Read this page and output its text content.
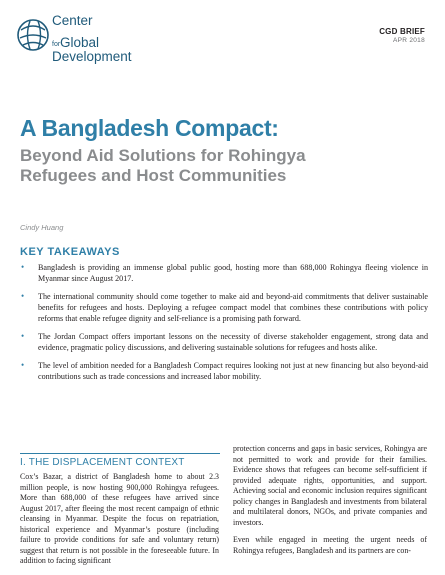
Center
for Global
Development
CGD BRIEF
APR 2018
A Bangladesh Compact:
Beyond Aid Solutions for Rohingya Refugees and Host Communities
Cindy Huang
KEY TAKEAWAYS
• Bangladesh is providing an immense global public good, hosting more than 688,000 Rohingya fleeing violence in Myanmar since August 2017.
• The international community should come together to make aid and beyond-aid commitments that deliver sustainable benefits for refugees and hosts. Deploying a refugee compact model that combines these contributions with policy reforms that enable refugee dignity and self-reliance is a promising path forward.
• The Jordan Compact offers important lessons on the necessity of diverse stakeholder engagement, strong data and evidence, pragmatic policy discussions, and delivering sustainable solutions for refugees and hosts alike.
• The level of ambition needed for a Bangladesh Compact requires looking not just at new financing but also beyond-aid contributions such as trade concessions and increased labor mobility.
I. THE DISPLACEMENT CONTEXT

Cox’s Bazar, a district of Bangladesh home to about 2.3 million people, is now hosting 900,000 Rohingya refugees. More than 688,000 of these refugees have arrived since August 2017, after fleeing the most recent campaign of ethnic cleansing in Myanmar. Despite the focus on repatriation, historical experience and Myanmar’s posture (including failure to provide conditions for safe and voluntary return) suggest that return is not possible in the foreseeable future. In addition to facing significant

protection concerns and gaps in basic services, Rohingya are not permitted to work and provide for their families. Evidence shows that refugees can become self-sufficient if provided adequate rights, opportunities, and support. Achieving social and economic inclusion requires significant policy changes in Bangladesh and investments from bilateral and multilateral donors, NGOs, and private companies and investors.

Even while engaged in meeting the urgent needs of Rohingya refugees, Bangladesh and its partners are con-
